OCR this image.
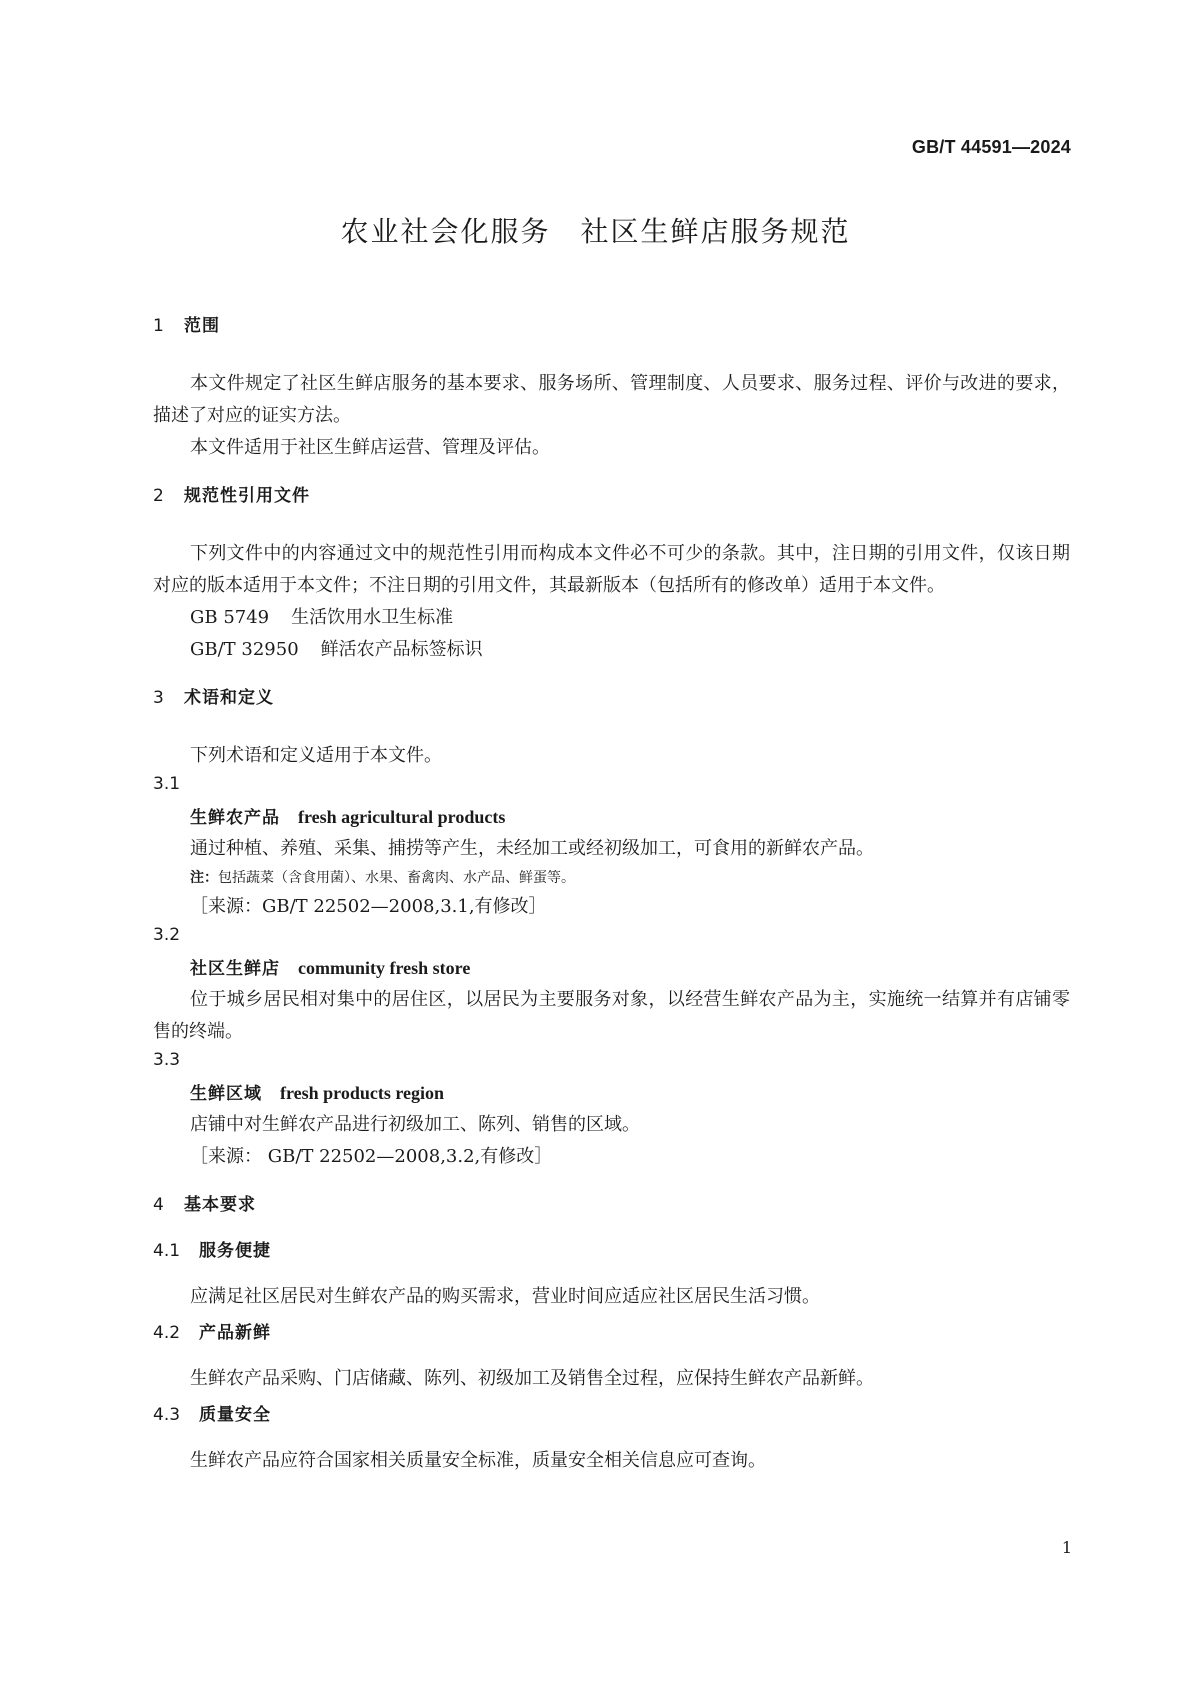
GB/T 44591—2024
农业社会化服务　社区生鲜店服务规范
1 范围

本文件规定了社区生鲜店服务的基本要求、服务场所、管理制度、人员要求、服务过程、评价与改进的要求，描述了对应的证实方法。

本文件适用于社区生鲜店运营、管理及评估。

2 规范性引用文件

下列文件中的内容通过文中的规范性引用而构成本文件必不可少的条款。其中，注日期的引用文件，仅该日期对应的版本适用于本文件；不注日期的引用文件，其最新版本（包括所有的修改单）适用于本文件。

GB 5749 生活饮用水卫生标准

GB/T 32950 鲜活农产品标签标识

3 术语和定义

下列术语和定义适用于本文件。

3.1
生鲜农产品 fresh agricultural products

通过种植、养殖、采集、捕捞等产生，未经加工或经初级加工，可食用的新鲜农产品。

注：包括蔬菜（含食用菌）、水果、畜禽肉、水产品、鲜蛋等。

［来源：GB/T 22502—2008,3.1,有修改］

3.2
社区生鲜店 community fresh store

位于城乡居民相对集中的居住区，以居民为主要服务对象，以经营生鲜农产品为主，实施统一结算并有店铺零售的终端。

3.3
生鲜区域 fresh products region

店铺中对生鲜农产品进行初级加工、陈列、销售的区域。

［来源： GB/T 22502—2008,3.2,有修改］

4 基本要求
4.1 服务便捷

应满足社区居民对生鲜农产品的购买需求，营业时间应适应社区居民生活习惯。

4.2 产品新鲜

生鲜农产品采购、门店储藏、陈列、初级加工及销售全过程，应保持生鲜农产品新鲜。

4.3 质量安全

生鲜农产品应符合国家相关质量安全标准，质量安全相关信息应可查询。

1
